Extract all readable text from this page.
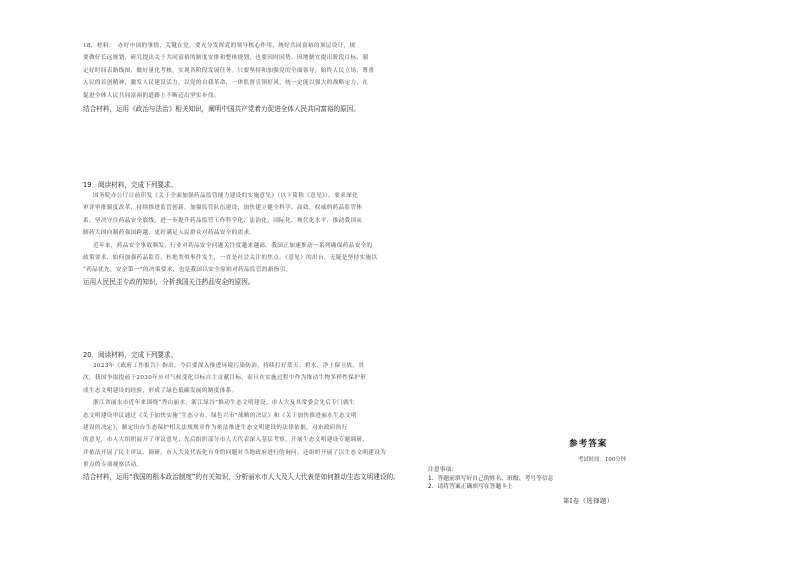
18．材料：　办好中国的事情，关键在党。要充分发挥党的领导核心作用，统好共同富裕的顶层设计，规

要做好长远规划，研究提出关于共同富裕的制度安排和整体规划，也要因时因势、因地制宜提出阶段目标，制

定好时间表路线图，做好量化考核，实现各阶段发展任务。只要坚持和加强党的全面领导，始终人民立场，尊重

人民的首创精神，激发人民建设活力，以党的自我革命，一体监督引领好风，统一定能以强大的战略定力，在

促进全体人民共同富裕的道路上不断迈出坚实步伐。

结合材料，运用《政治与法治》相关知识，阐明中国共产党着力促进全体人民共同富裕的原因。

19．阅读材料，完成下列要求。

国务院办公厅日前印发《关于全面加强药品监管能力建设的实施意见》（以下简称《意见》）。要求深化

审评审批制度改革，持续推进监管创新，加强监管队伍建设，加快建立健全科学、高效、权威的药品监管体

系，坚决守住药品安全底线，进一步提升药品监管工作科学化、法治化、国际化、现代化水平，推动我国从

制药大国向制药强国跨越，更好满足人民群众对药品安全的需求。

近年来，药品安全事故频发，行业对药品安全问题关注度越来越高。我国正加速推动一系列确保药品安全的

政策要求，如何加强药品监管，杜绝类似事件发生，一直是社会关注的焦点。《意见》的出台，无疑是坚持实施以

“药品优先，安全第一”的决策要求，也是我国以安全原则对药品监管的新指引。

运用人民民主专政的知识，分析我国关注药品安全的原因。

20．阅读材料，完成下列要求。

2023年《政府工作报告》指出，今后要深入推进环境污染防治，持续打好蓝天、碧水、净土保卫战。其

次，我国争取提前于2030年应对气候变化目标自主贡献目标，而且在实施过程中作为推动生物多样性保护形

成生态文明建设的经验，形成了绿色低碳发展的制度体系。

浙江省丽水市近年来围绕“秀山丽水，浙江绿谷”推动生态文明建设。市人大及其常委会先后专门就生

态文明建设审议通过《关于加快实施“生态立市、绿色兴市”战略的决议》和《关于加快推进丽水生态文明

建设的决定》，制定出台生态保护相关法规规章作为依法推进生态文明建设的法律依据。对市政府执行

的意见，市人大组织展开了审议意见；先后组织部分市人大代表深入基层考察，开展生态文明建设专题调研，

并依法开展了民主评议、调研。市人大及代表化自身的问题对当地政府进行的询问。还组织开展了以生态文明建设为

重点的专项视察活动。

结合材料，运用“我国的根本政治制度”的有关知识，分析丽水市人大及人大代表是如何推动生态文明建设的。

参考答案
考试时间：100分钟
注意事项：
1．答题前填写好自己的姓名、班级、考号等信息
2．请将答案正确填写在答题卡上
第Ⅰ卷（选择题）
